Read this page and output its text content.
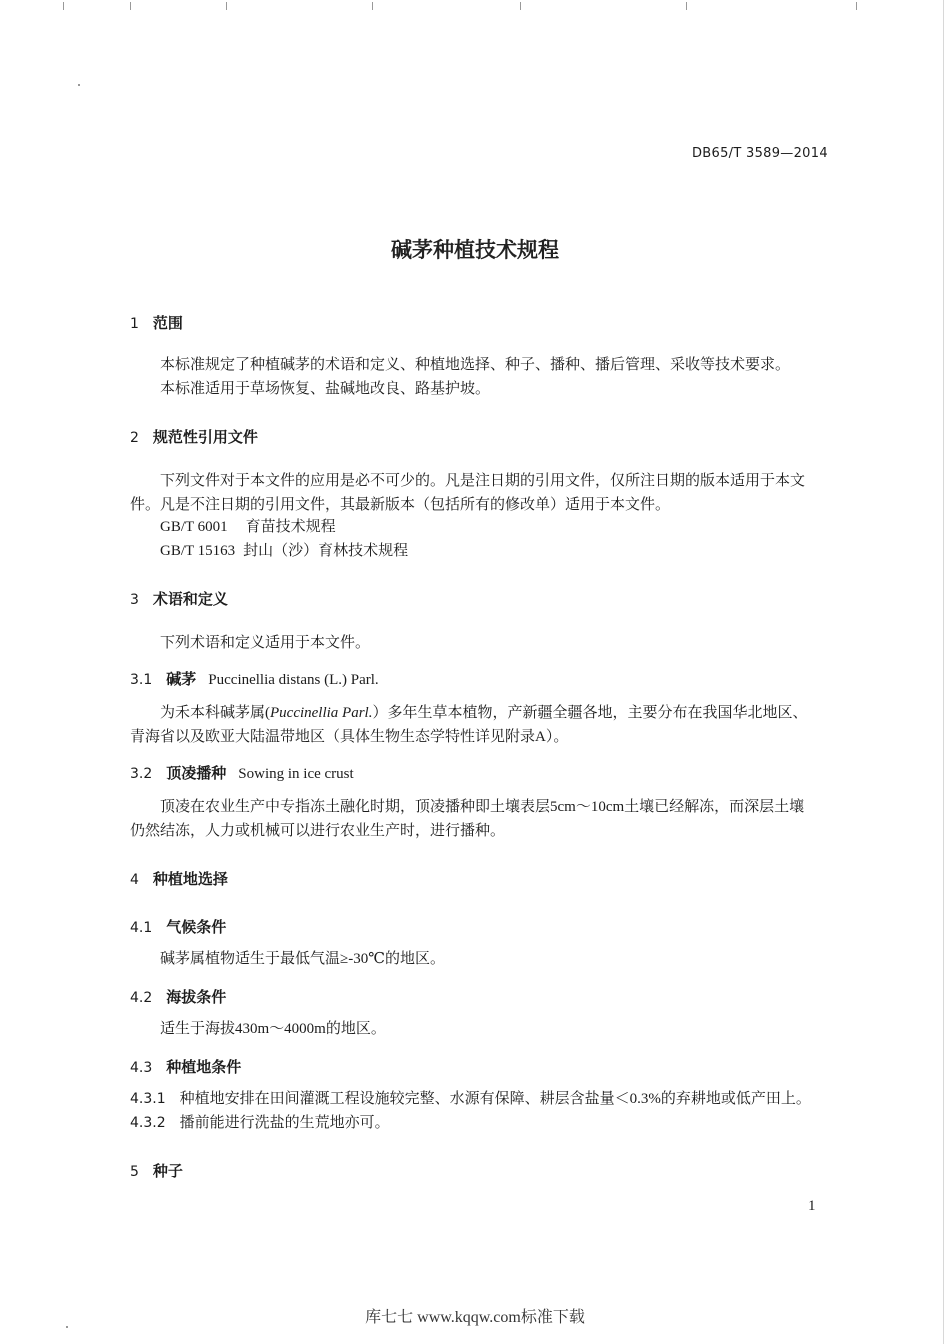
DB65/T 3589—2014
碱茅种植技术规程
1 范围
本标准规定了种植碱茅的术语和定义、种植地选择、种子、播种、播后管理、采收等技术要求。
本标准适用于草场恢复、盐碱地改良、路基护坡。
2 规范性引用文件
下列文件对于本文件的应用是必不可少的。凡是注日期的引用文件，仅所注日期的版本适用于本文
件。凡是不注日期的引用文件，其最新版本（包括所有的修改单）适用于本文件。
GB/T 6001 育苗技术规程
GB/T 15163 封山（沙）育林技术规程
3 术语和定义
下列术语和定义适用于本文件。
3.1 碱茅 Puccinellia distans (L.) Parl.
为禾本科碱茅属(Puccinellia Parl.）多年生草本植物，产新疆全疆各地，主要分布在我国华北地区、
青海省以及欧亚大陆温带地区（具体生物生态学特性详见附录A）。
3.2 顶凌播种 Sowing in ice crust
顶凌在农业生产中专指冻土融化时期，顶凌播种即土壤表层5cm～10cm土壤已经解冻，而深层土壤
仍然结冻，人力或机械可以进行农业生产时，进行播种。
4 种植地选择
4.1 气候条件
碱茅属植物适生于最低气温≥-30℃的地区。
4.2 海拔条件
适生于海拔430m～4000m的地区。
4.3 种植地条件
4.3.1 种植地安排在田间灌溉工程设施较完整、水源有保障、耕层含盐量＜0.3%的弃耕地或低产田上。
4.3.2 播前能进行洗盐的生荒地亦可。
5 种子
1
库七七 www.kqqw.com标准下载
